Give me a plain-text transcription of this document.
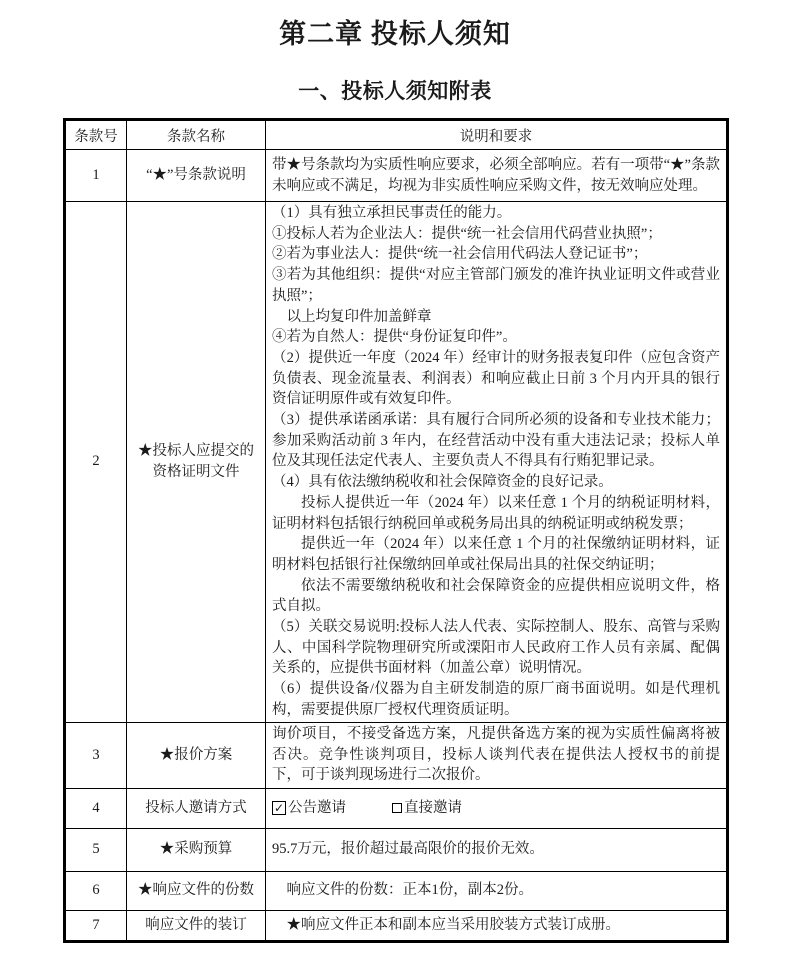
第二章 投标人须知
一、投标人须知附表
条款号	条款名称	说明和要求
1	“★”号条款说明	带★号条款均为实质性响应要求，必须全部响应。若有一项带“★”条款未响应或不满足，均视为非实质性响应采购文件，按无效响应处理。

2	★投标人应提交的资格证明文件	

（1）具有独立承担民事责任的能力。

①投标人若为企业法人：提供“统一社会信用代码营业执照”；

②若为事业法人：提供“统一社会信用代码法人登记证书”；

③若为其他组织：提供“对应主管部门颁发的准许执业证明文件或营业执照”；

以上均复印件加盖鲜章

④若为自然人：提供“身份证复印件”。

（2）提供近一年度（2024 年）经审计的财务报表复印件（应包含资产负债表、现金流量表、利润表）和响应截止日前 3 个月内开具的银行资信证明原件或有效复印件。

（3）提供承诺函承诺：具有履行合同所必须的设备和专业技术能力；参加采购活动前 3 年内，在经营活动中没有重大违法记录；投标人单位及其现任法定代表人、主要负责人不得具有行贿犯罪记录。

（4）具有依法缴纳税收和社会保障资金的良好记录。

投标人提供近一年（2024 年）以来任意 1 个月的纳税证明材料，证明材料包括银行纳税回单或税务局出具的纳税证明或纳税发票；

提供近一年（2024 年）以来任意 1 个月的社保缴纳证明材料，证明材料包括银行社保缴纳回单或社保局出具的社保交纳证明；

依法不需要缴纳税收和社会保障资金的应提供相应说明文件，格式自拟。

（5）关联交易说明:投标人法人代表、实际控制人、股东、高管与采购人、中国科学院物理研究所或溧阳市人民政府工作人员有亲属、配偶关系的，应提供书面材料（加盖公章）说明情况。

（6）提供设备/仪器为自主研发制造的原厂商书面说明。如是代理机构，需要提供原厂授权代理资质证明。

3	★报价方案	询价项目，不接受备选方案，凡提供备选方案的视为实质性偏离将被否决。竞争性谈判项目，投标人谈判代表在提供法人授权书的前提下，可于谈判现场进行二次报价。

4	投标人邀请方式	✓ 公告邀请 直接邀请

5	★采购预算	95.7万元，报价超过最高限价的报价无效。

6	★响应文件的份数	响应文件的份数：正本1份，副本2份。

7	响应文件的装订	★响应文件正本和副本应当采用胶装方式装订成册。
